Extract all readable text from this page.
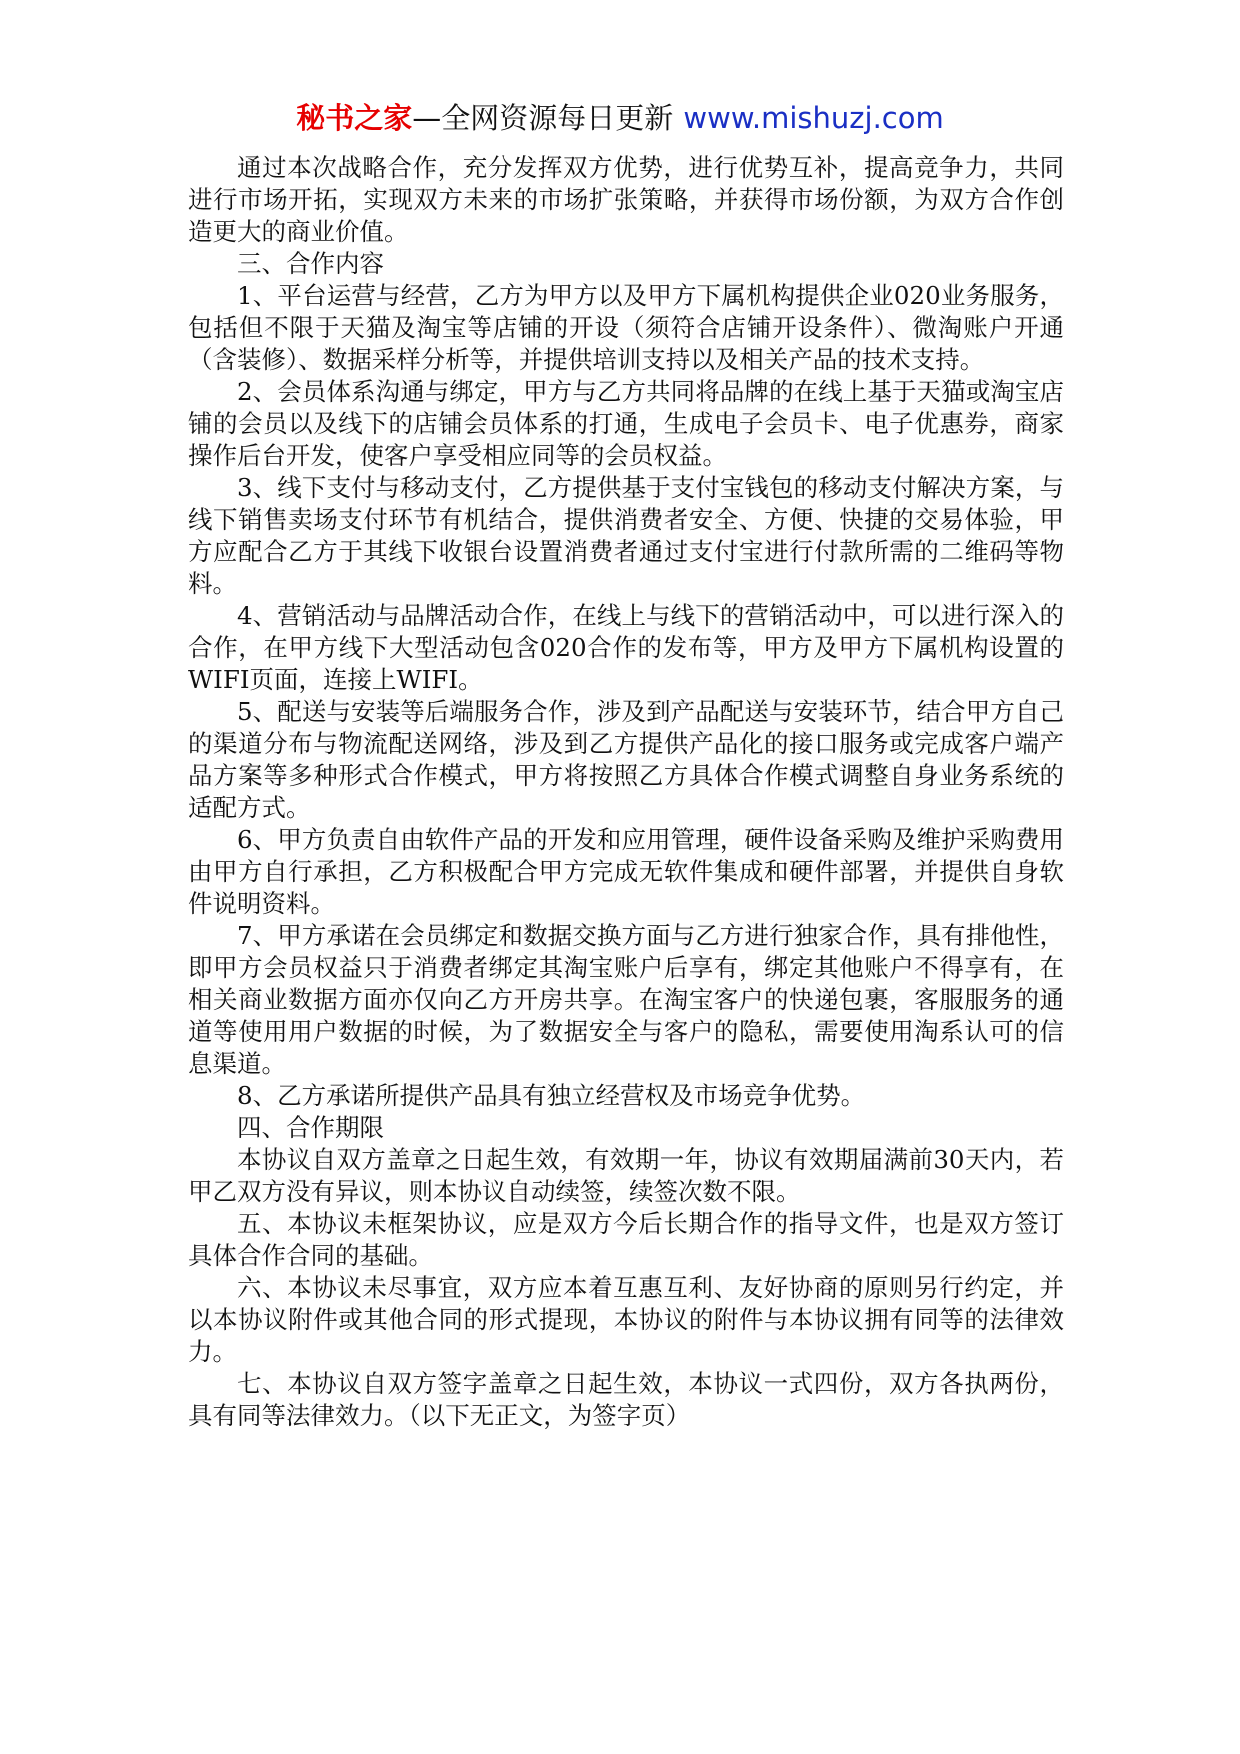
秘书之家—全网资源每日更新 www.mishuzj.com

通过本次战略合作，充分发挥双方优势，进行优势互补，提高竞争力，共同进行市场开拓，实现双方未来的市场扩张策略，并获得市场份额，为双方合作创造更大的商业价值。

三、合作内容

1、平台运营与经营，乙方为甲方以及甲方下属机构提供企业020业务服务，包括但不限于天猫及淘宝等店铺的开设（须符合店铺开设条件）、微淘账户开通（含装修）、数据采样分析等，并提供培训支持以及相关产品的技术支持。

2、会员体系沟通与绑定，甲方与乙方共同将品牌的在线上基于天猫或淘宝店铺的会员以及线下的店铺会员体系的打通，生成电子会员卡、电子优惠券，商家操作后台开发，使客户享受相应同等的会员权益。

3、线下支付与移动支付，乙方提供基于支付宝钱包的移动支付解决方案，与线下销售卖场支付环节有机结合，提供消费者安全、方便、快捷的交易体验，甲方应配合乙方于其线下收银台设置消费者通过支付宝进行付款所需的二维码等物料。

4、营销活动与品牌活动合作，在线上与线下的营销活动中，可以进行深入的合作，在甲方线下大型活动包含020合作的发布等，甲方及甲方下属机构设置的WIFI页面，连接上WIFI。

5、配送与安装等后端服务合作，涉及到产品配送与安装环节，结合甲方自己的渠道分布与物流配送网络，涉及到乙方提供产品化的接口服务或完成客户端产品方案等多种形式合作模式，甲方将按照乙方具体合作模式调整自身业务系统的适配方式。

6、甲方负责自由软件产品的开发和应用管理，硬件设备采购及维护采购费用由甲方自行承担，乙方积极配合甲方完成无软件集成和硬件部署，并提供自身软件说明资料。

7、甲方承诺在会员绑定和数据交换方面与乙方进行独家合作，具有排他性，即甲方会员权益只于消费者绑定其淘宝账户后享有，绑定其他账户不得享有，在相关商业数据方面亦仅向乙方开房共享。在淘宝客户的快递包裹，客服服务的通道等使用用户数据的时候，为了数据安全与客户的隐私，需要使用淘系认可的信息渠道。

8、乙方承诺所提供产品具有独立经营权及市场竞争优势。

四、合作期限

本协议自双方盖章之日起生效，有效期一年，协议有效期届满前30天内，若甲乙双方没有异议，则本协议自动续签，续签次数不限。

五、本协议未框架协议，应是双方今后长期合作的指导文件，也是双方签订具体合作合同的基础。

六、本协议未尽事宜，双方应本着互惠互利、友好协商的原则另行约定，并以本协议附件或其他合同的形式提现，本协议的附件与本协议拥有同等的法律效力。

七、本协议自双方签字盖章之日起生效，本协议一式四份，双方各执两份，具有同等法律效力。（以下无正文，为签字页）
